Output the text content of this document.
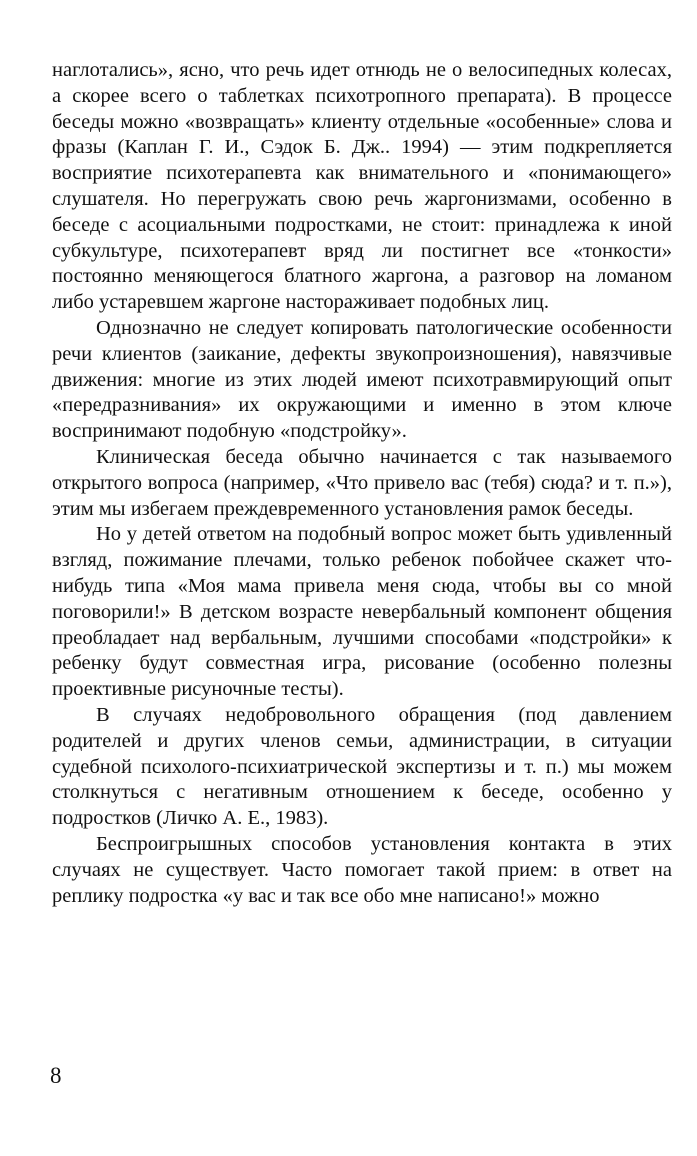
наглотались», ясно, что речь идет отнюдь не о велосипедных колесах, а скорее всего о таблетках психотропного препарата). В процессе беседы можно «возвращать» клиенту отдельные «особенные» слова и фразы (Каплан Г. И., Сэдок Б. Дж.. 1994) — этим подкрепляется восприятие психотерапевта как внимательного и «понимающего» слушателя. Но перегружать свою речь жаргонизмами, особенно в беседе с асоциальными подростками, не стоит: принадлежа к иной субкультуре, психотерапевт вряд ли постигнет все «тонкости» постоянно меняющегося блатного жаргона, а разговор на ломаном либо устаревшем жаргоне настораживает подобных лиц.

Однозначно не следует копировать патологические особенности речи клиентов (заикание, дефекты звукопроизношения), навязчивые движения: многие из этих людей имеют психотравмирующий опыт «передразнивания» их окружающими и именно в этом ключе воспринимают подобную «подстройку».

Клиническая беседа обычно начинается с так называемого открытого вопроса (например, «Что привело вас (тебя) сюда? и т. п.»), этим мы избегаем преждевременного установления рамок беседы.

Но у детей ответом на подобный вопрос может быть удивленный взгляд, пожимание плечами, только ребенок побойчее скажет что-нибудь типа «Моя мама привела меня сюда, чтобы вы со мной поговорили!» В детском возрасте невербальный компонент общения преобладает над вербальным, лучшими способами «подстройки» к ребенку будут совместная игра, рисование (особенно полезны проективные рисуночные тесты).

В случаях недобровольного обращения (под давлением родителей и других членов семьи, администрации, в ситуации судебной психолого-психиатрической экспертизы и т. п.) мы можем столкнуться с негативным отношением к беседе, особенно у подростков (Личко А. Е., 1983).

Беспроигрышных способов установления контакта в этих случаях не существует. Часто помогает такой прием: в ответ на реплику подростка «у вас и так все обо мне написано!» можно

8
